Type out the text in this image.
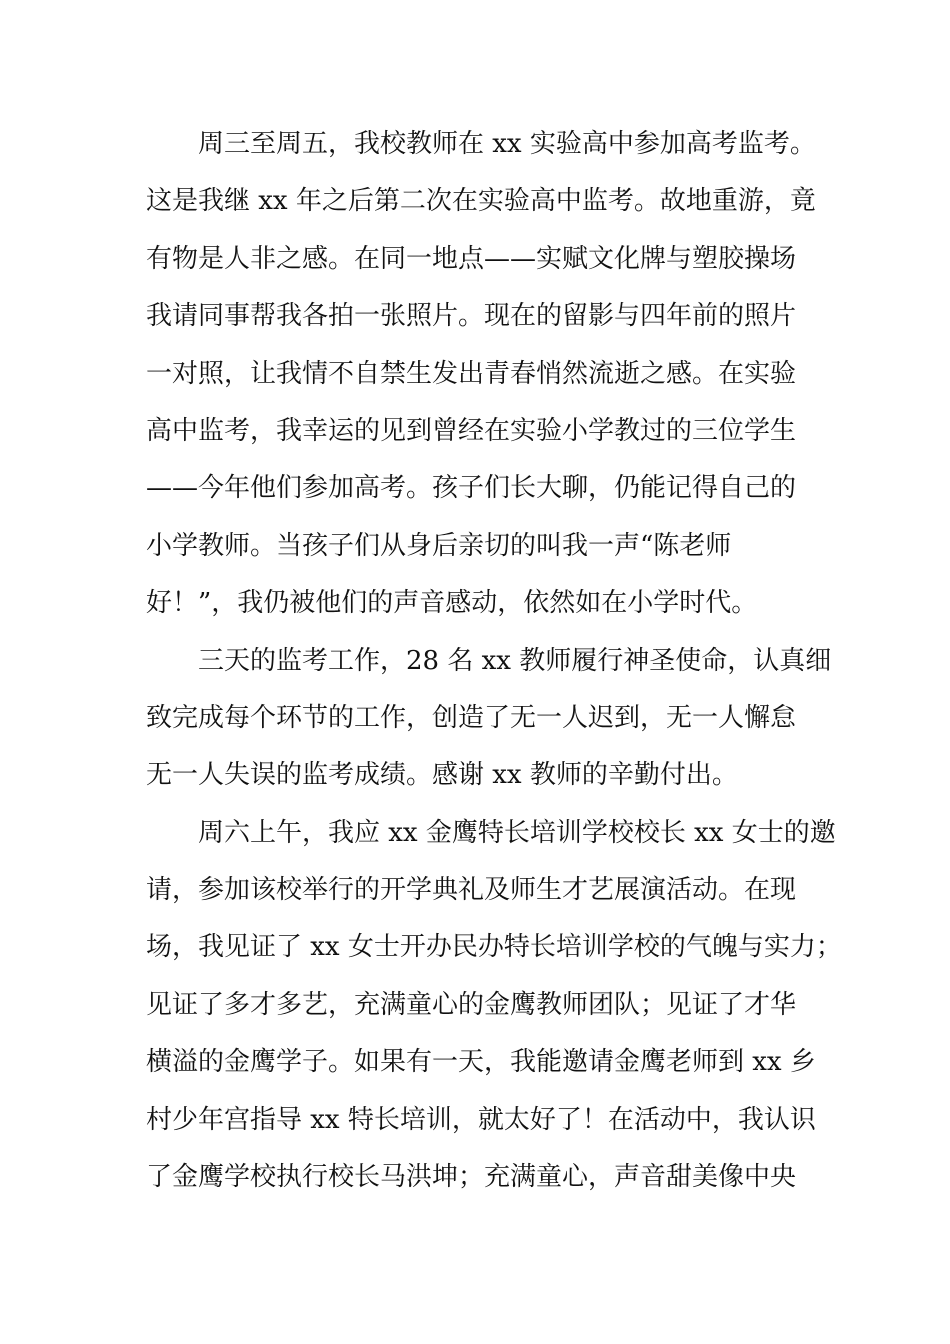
周三至周五，我校教师在 xx 实验高中参加高考监考。
这是我继 xx 年之后第二次在实验高中监考。故地重游，竟
有物是人非之感。在同一地点——实赋文化牌与塑胶操场
我请同事帮我各拍一张照片。现在的留影与四年前的照片
一对照，让我情不自禁生发出青春悄然流逝之感。在实验
高中监考，我幸运的见到曾经在实验小学教过的三位学生
——今年他们参加高考。孩子们长大聊，仍能记得自己的
小学教师。当孩子们从身后亲切的叫我一声“陈老师
好！”，我仍被他们的声音感动，依然如在小学时代。
三天的监考工作，28 名 xx 教师履行神圣使命，认真细
致完成每个环节的工作，创造了无一人迟到，无一人懈怠
无一人失误的监考成绩。感谢 xx 教师的辛勤付出。
周六上午，我应 xx 金鹰特长培训学校校长 xx 女士的邀
请，参加该校举行的开学典礼及师生才艺展演活动。在现
场，我见证了 xx 女士开办民办特长培训学校的气魄与实力；
见证了多才多艺，充满童心的金鹰教师团队；见证了才华
横溢的金鹰学子。如果有一天，我能邀请金鹰老师到 xx 乡
村少年宫指导 xx 特长培训，就太好了！在活动中，我认识
了金鹰学校执行校长马洪坤；充满童心，声音甜美像中央
